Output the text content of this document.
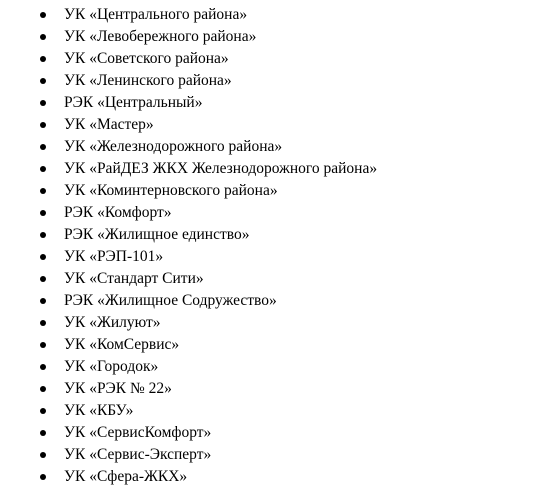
УК «Центрального района»
УК «Левобережного района»
УК «Советского района»
УК «Ленинского района»
РЭК «Центральный»
УК «Мастер»
УК «Железнодорожного района»
УК «РайДЕЗ ЖКХ Железнодорожного района»
УК «Коминтерновского района»
РЭК «Комфорт»
РЭК «Жилищное единство»
УК «РЭП-101»
УК «Стандарт Сити»
РЭК «Жилищное Содружество»
УК «Жилуют»
УК «КомСервис»
УК «Городок»
УК «РЭК № 22»
УК «КБУ»
УК «СервисКомфорт»
УК «Сервис-Эксперт»
УК «Сфера-ЖКХ»
